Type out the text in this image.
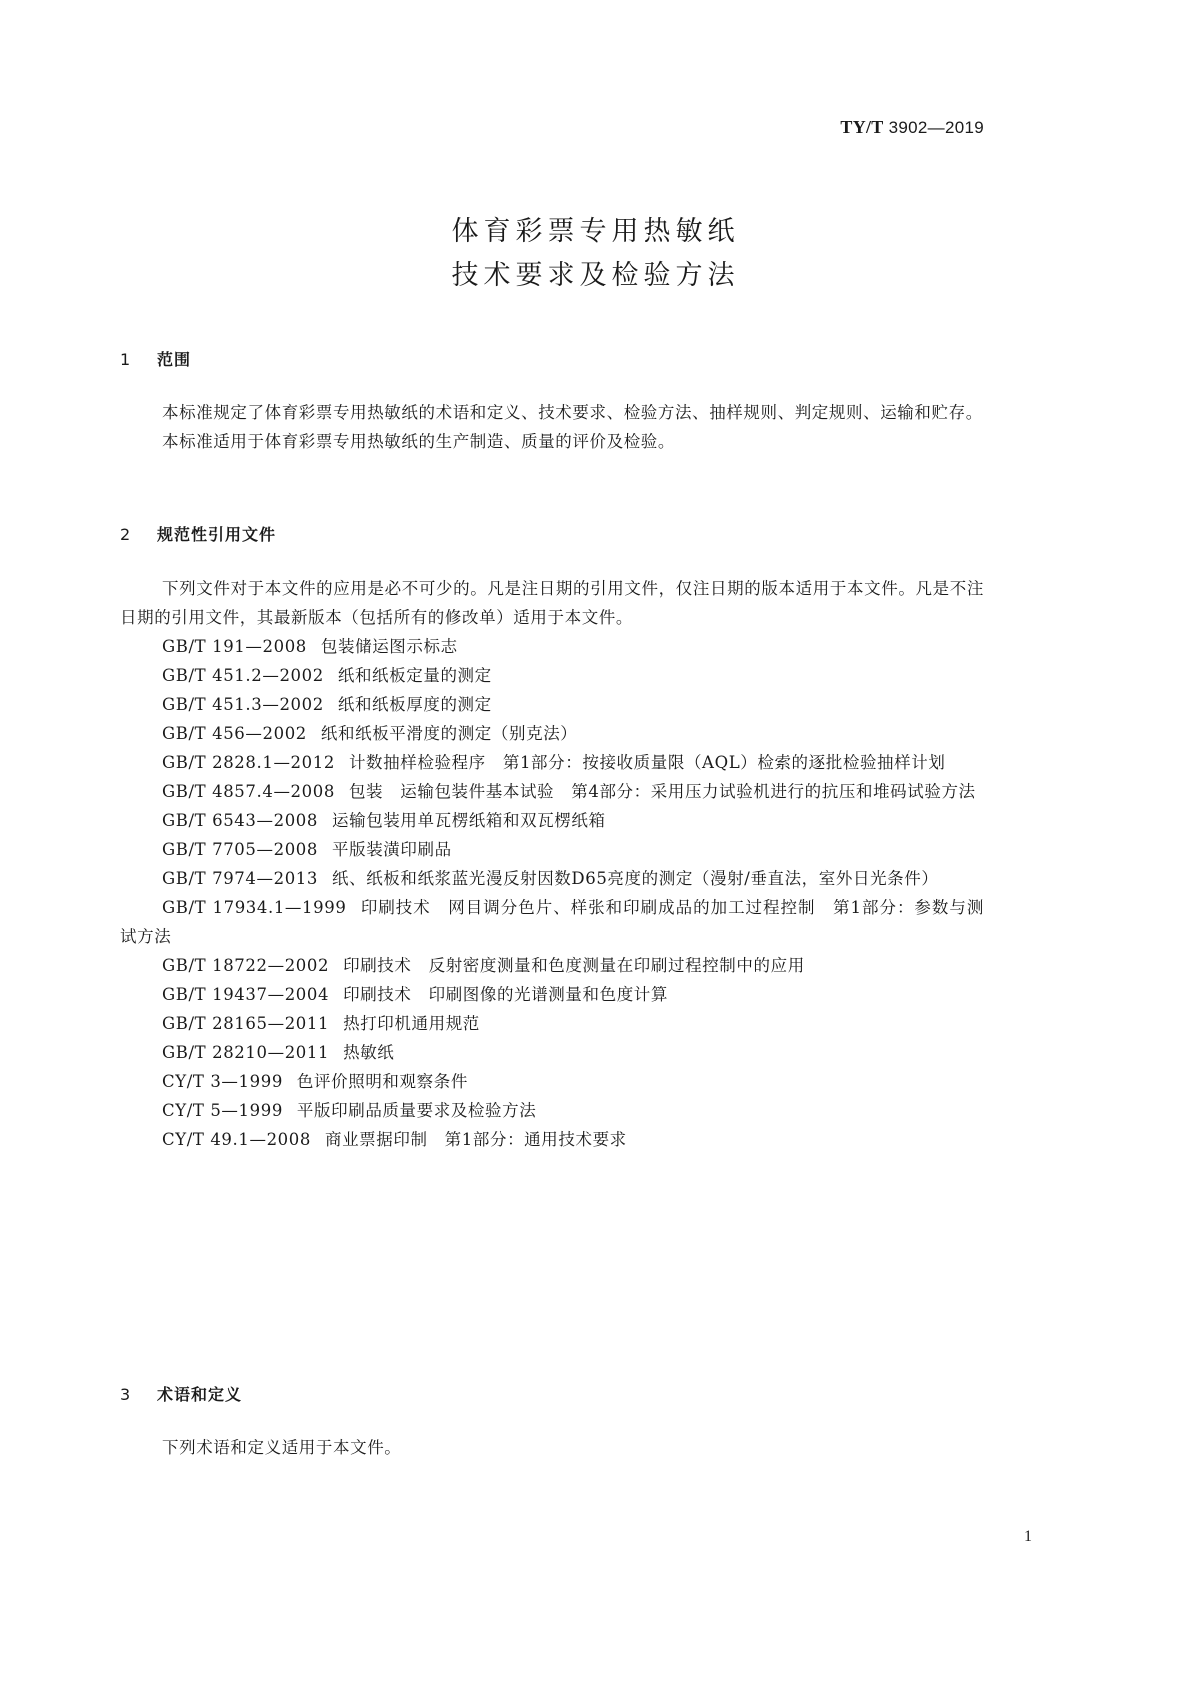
TY/T 3902—2019
体育彩票专用热敏纸
技术要求及检验方法
1 范围

本标准规定了体育彩票专用热敏纸的术语和定义、技术要求、检验方法、抽样规则、判定规则、运输和贮存。

本标准适用于体育彩票专用热敏纸的生产制造、质量的评价及检验。

2 规范性引用文件

下列文件对于本文件的应用是必不可少的。凡是注日期的引用文件，仅注日期的版本适用于本文件。凡是不注日期的引用文件，其最新版本（包括所有的修改单）适用于本文件。

GB/T 191—2008 包装储运图示标志

GB/T 451.2—2002 纸和纸板定量的测定

GB/T 451.3—2002 纸和纸板厚度的测定

GB/T 456—2002 纸和纸板平滑度的测定（别克法）

GB/T 2828.1—2012 计数抽样检验程序　第1部分：按接收质量限（AQL）检索的逐批检验抽样计划

GB/T 4857.4—2008 包装　运输包装件基本试验　第4部分：采用压力试验机进行的抗压和堆码试验方法

GB/T 6543—2008 运输包装用单瓦楞纸箱和双瓦楞纸箱

GB/T 7705—2008 平版装潢印刷品

GB/T 7974—2013 纸、纸板和纸浆蓝光漫反射因数D65亮度的测定（漫射/垂直法，室外日光条件）

GB/T 17934.1—1999 印刷技术　网目调分色片、样张和印刷成品的加工过程控制　第1部分：参数与测试方法

GB/T 18722—2002 印刷技术　反射密度测量和色度测量在印刷过程控制中的应用

GB/T 19437—2004 印刷技术　印刷图像的光谱测量和色度计算

GB/T 28165—2011 热打印机通用规范

GB/T 28210—2011 热敏纸

CY/T 3—1999 色评价照明和观察条件

CY/T 5—1999 平版印刷品质量要求及检验方法

CY/T 49.1—2008 商业票据印制　第1部分：通用技术要求

3 术语和定义

下列术语和定义适用于本文件。

1
